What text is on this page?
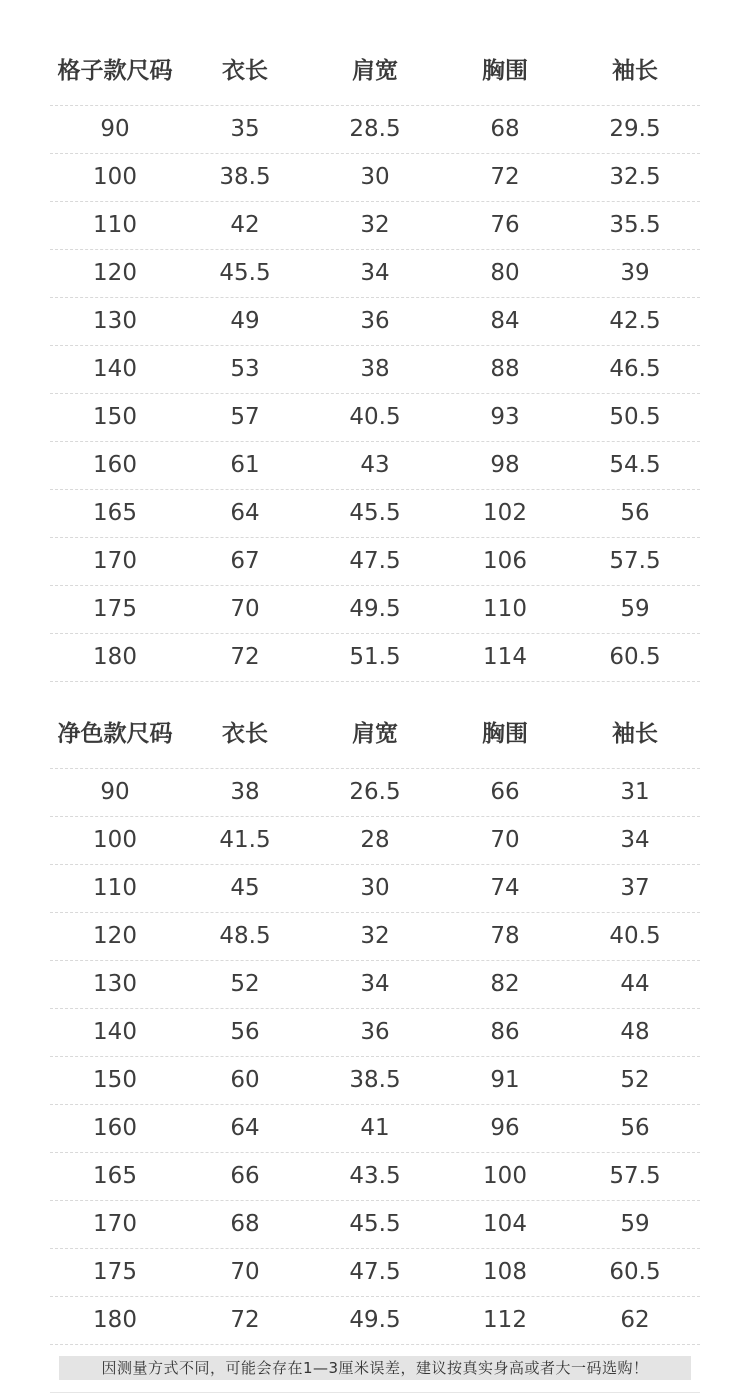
格子款尺码	衣长	肩宽	胸围	袖长
90	35	28.5	68	29.5
100	38.5	30	72	32.5
110	42	32	76	35.5
120	45.5	34	80	39
130	49	36	84	42.5
140	53	38	88	46.5
150	57	40.5	93	50.5
160	61	43	98	54.5
165	64	45.5	102	56
170	67	47.5	106	57.5
175	70	49.5	110	59
180	72	51.5	114	60.5
净色款尺码	衣长	肩宽	胸围	袖长
90	38	26.5	66	31
100	41.5	28	70	34
110	45	30	74	37
120	48.5	32	78	40.5
130	52	34	82	44
140	56	36	86	48
150	60	38.5	91	52
160	64	41	96	56
165	66	43.5	100	57.5
170	68	45.5	104	59
175	70	47.5	108	60.5
180	72	49.5	112	62
因测量方式不同，可能会存在1—3厘米误差，建议按真实身高或者大一码选购！
